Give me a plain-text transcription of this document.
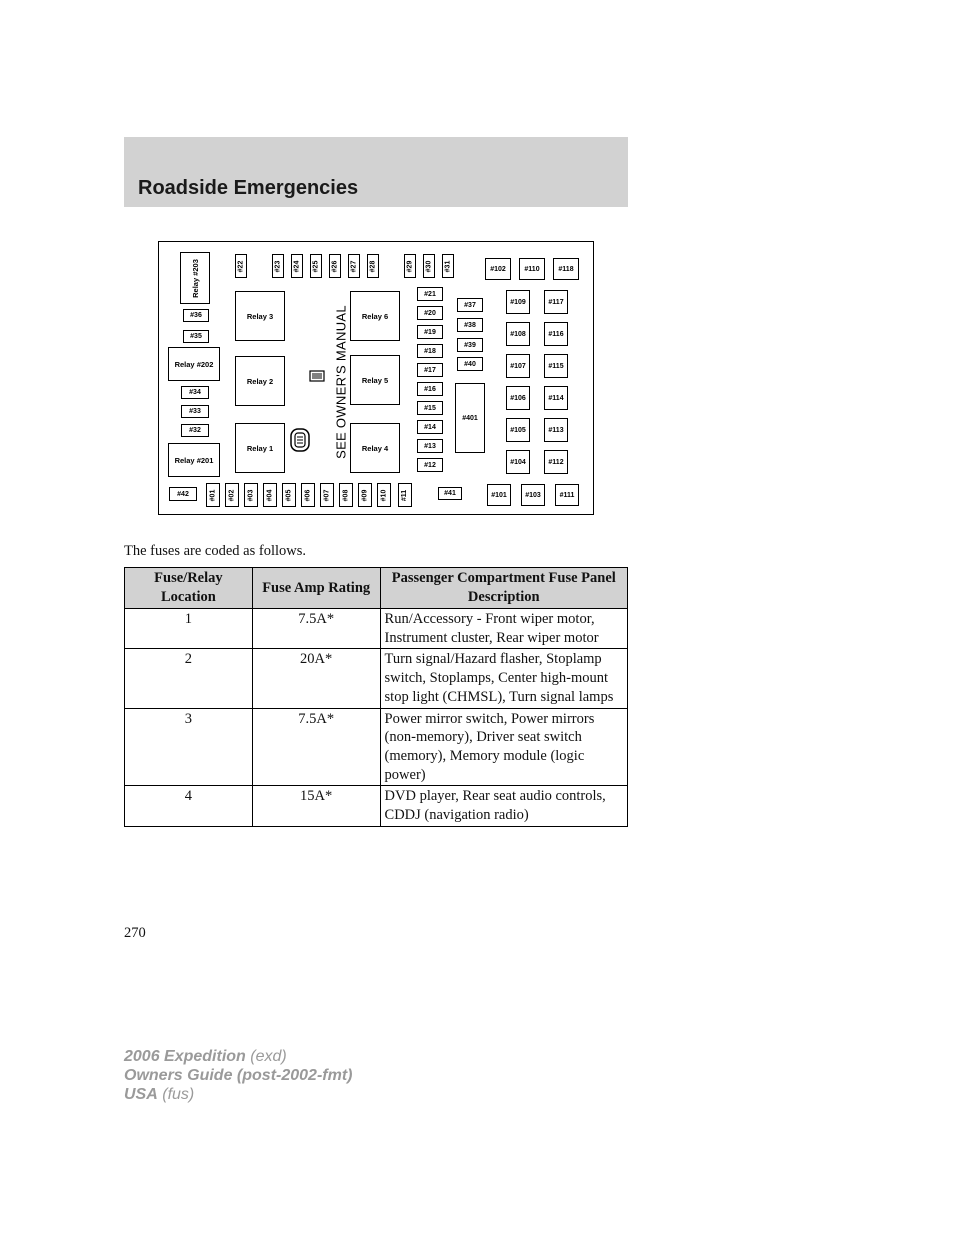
Roadside Emergencies
SEE OWNER'S MANUAL
Relay #203	#22	#23 #24 #25 #26 #27 #28	#29 #30 #31	#102	#110	#118
#36
#35
Relay #202
#34
#33
#32
Relay #201
#42	#01 #02 #03 #04 #05 #06 #07 #08 #09 #10 #11	#41	#101	#103	#111
Relay 3
Relay 2
Relay 1
Relay 6
Relay 5
Relay 4
#21
#20
#19
#18
#17
#16
#15
#14
#13
#12
#37
#38
#39
#40
#401
#109
#108
#107
#106
#105
#104
#117
#116
#115
#114
#113
#112
The fuses are coded as follows.
Fuse/Relay Location	Fuse Amp Rating	Passenger Compartment Fuse Panel Description
1	7.5A*	Run/Accessory - Front wiper motor, Instrument cluster, Rear wiper motor
2	20A*	Turn signal/Hazard flasher, Stoplamp switch, Stoplamps, Center high-mount stop light (CHMSL), Turn signal lamps
3	7.5A*	Power mirror switch, Power mirrors (non-memory), Driver seat switch (memory), Memory module (logic power)
4	15A*	DVD player, Rear seat audio controls, CDDJ (navigation radio)
270
2006 Expedition (exd)
Owners Guide (post-2002-fmt)
USA (fus)
